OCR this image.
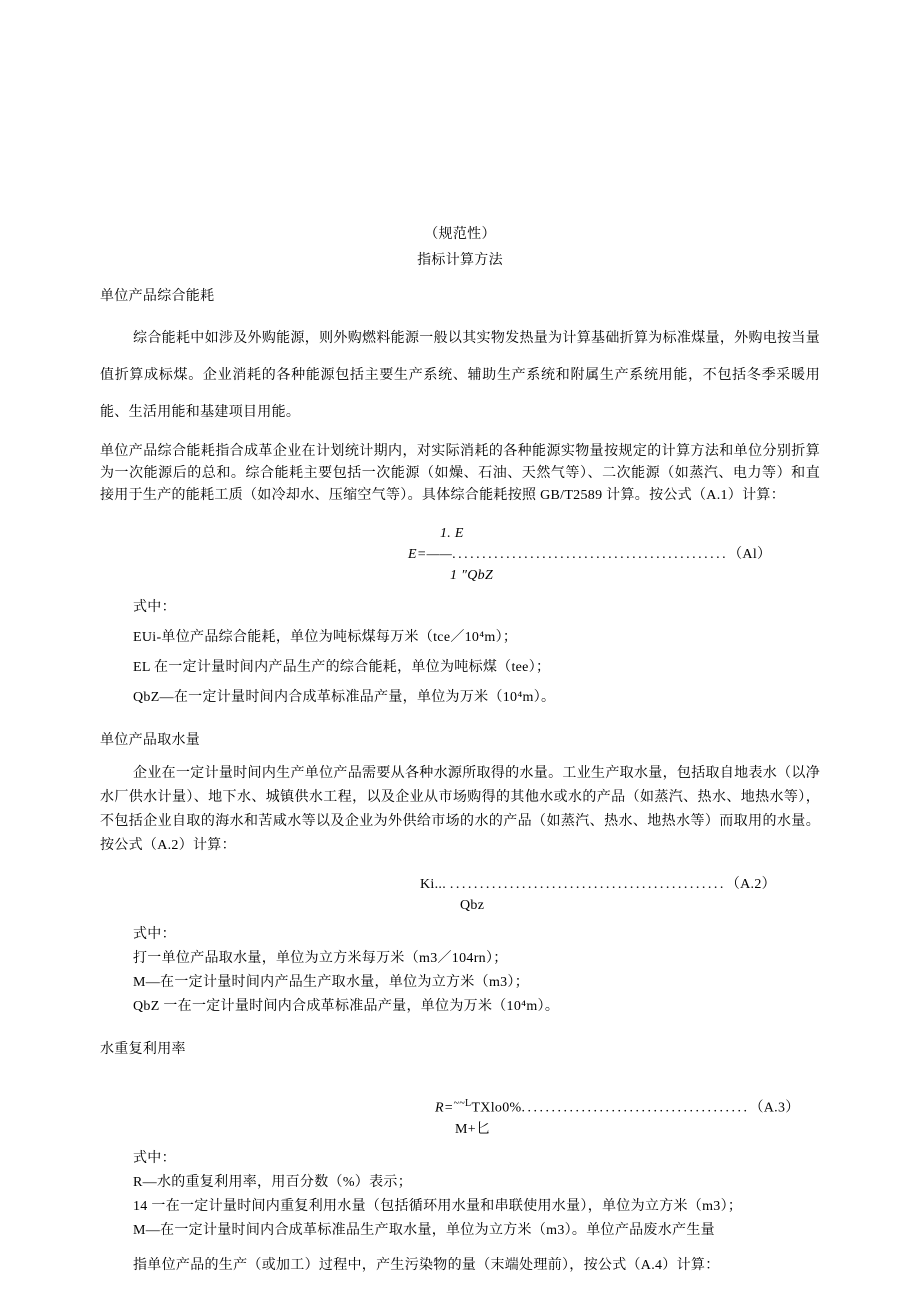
（规范性）
指标计算方法
单位产品综合能耗

综合能耗中如涉及外购能源，则外购燃料能源一般以其实物发热量为计算基础折算为标准煤量，外购电按当量值折算成标煤。企业消耗的各种能源包括主要生产系统、辅助生产系统和附属生产系统用能，不包括冬季采暖用能、生活用能和基建项目用能。

单位产品综合能耗指合成革企业在计划统计期内，对实际消耗的各种能源实物量按规定的计算方法和单位分别折算为一次能源后的总和。综合能耗主要包括一次能源（如燥、石油、天然气等）、二次能源（如蒸汽、电力等）和直接用于生产的能耗工质（如冷却水、压缩空气等）。具体综合能耗按照 GB/T2589 计算。按公式（A.1）计算：

1. E
E=——..............................................（Al）
1 ″QbZ
式中：
EUi-单位产品综合能耗，单位为吨标煤每万米（tce／10⁴m）；
EL 在一定计量时间内产品生产的综合能耗，单位为吨标煤（tee）；
QbZ—在一定计量时间内合成革标准品产量，单位为万米（10⁴m）。
单位产品取水量

企业在一定计量时间内生产单位产品需要从各种水源所取得的水量。工业生产取水量，包括取自地表水（以净水厂供水计量）、地下水、城镇供水工程，以及企业从市场购得的其他水或水的产品（如蒸汽、热水、地热水等），不包括企业自取的海水和苦咸水等以及企业为外供给市场的水的产品（如蒸汽、热水、地热水等）而取用的水量。按公式（A.2）计算：

Ki... ..............................................（A.2）
Qbz
式中：
打一单位产品取水量，单位为立方米每万米（m3／104rn）；
M—在一定计量时间内产品生产取水量，单位为立方米（m3）；
QbZ 一在一定计量时间内合成革标准品产量，单位为万米（10⁴m）。
水重复利用率
R=$^{\sim\sim L}$TXlo0%......................................（A.3）
M+匕
式中：
R—水的重复利用率，用百分数（%）表示；
14 一在一定计量时间内重复利用水量（包括循环用水量和串联使用水量），单位为立方米（m3）；
M—在一定计量时间内合成革标准品生产取水量，单位为立方米（m3）。单位产品废水产生量

指单位产品的生产（或加工）过程中，产生污染物的量（末端处理前），按公式（A.4）计算：
